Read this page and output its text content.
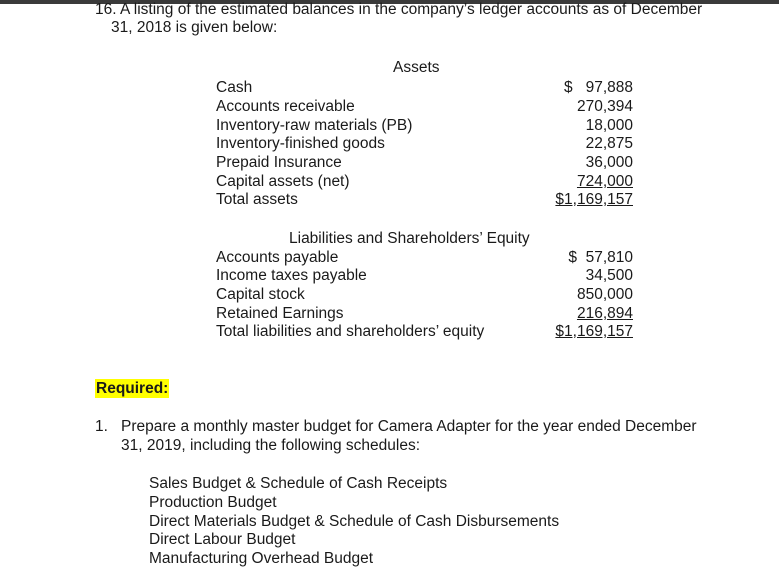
16. A listing of the estimated balances in the company’s ledger accounts as of December
31, 2018 is given below:
Assets
Cash
Accounts receivable
Inventory-raw materials (PB)
Inventory-finished goods
Prepaid Insurance
Capital assets (net)
Total assets
$   97,888
270,394
18,000
22,875
36,000
724,000
$1,169,157
Liabilities and Shareholders’ Equity
Accounts payable
Income taxes payable
Capital stock
Retained Earnings
Total liabilities and shareholders’ equity
$  57,810
34,500
850,000
216,894
$1,169,157
Required:
1. Prepare a monthly master budget for Camera Adapter for the year ended December
31, 2019, including the following schedules:
Sales Budget & Schedule of Cash Receipts
Production Budget
Direct Materials Budget & Schedule of Cash Disbursements
Direct Labour Budget
Manufacturing Overhead Budget
